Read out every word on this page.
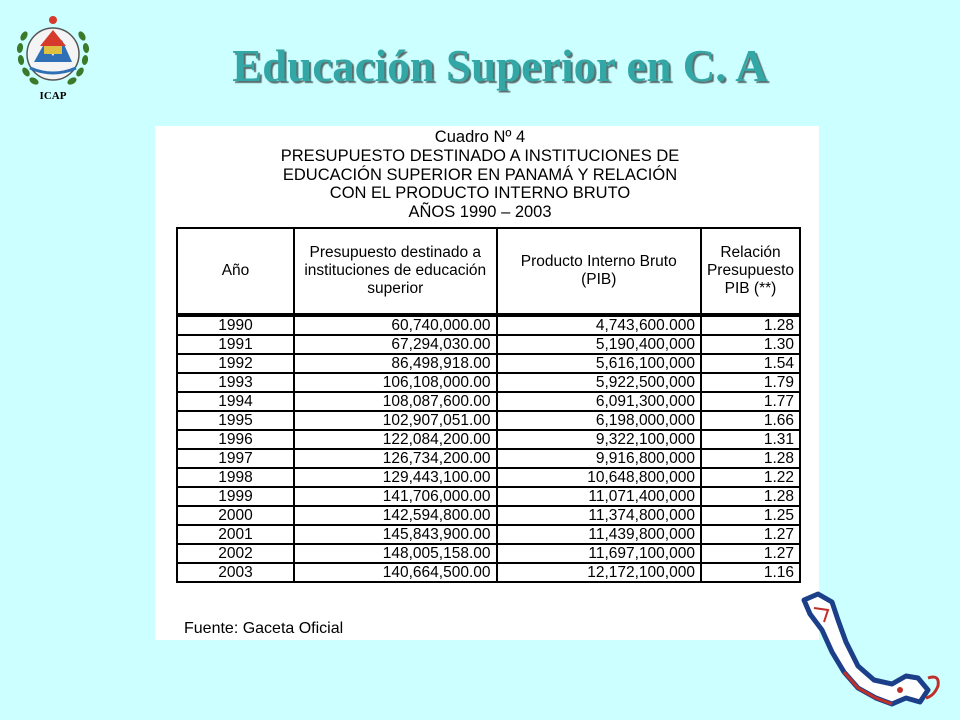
ICAP
Educación Superior en C. A
Cuadro Nº 4
PRESUPUESTO DESTINADO A INSTITUCIONES DE
EDUCACIÓN SUPERIOR EN PANAMÁ Y RELACIÓN
CON EL PRODUCTO INTERNO BRUTO
AÑOS 1990 – 2003
Año	Presupuesto destinado a instituciones de educación superior	Producto Interno Bruto (PIB)	Relación Presupuesto PIB (**)
1990	60,740,000.00	4,743,600.000	1.28
1991	67,294,030.00	5,190,400,000	1.30
1992	86,498,918.00	5,616,100,000	1.54
1993	106,108,000.00	5,922,500,000	1.79
1994	108,087,600.00	6,091,300,000	1.77
1995	102,907,051.00	6,198,000,000	1.66
1996	122,084,200.00	9,322,100,000	1.31
1997	126,734,200.00	9,916,800,000	1.28
1998	129,443,100.00	10,648,800,000	1.22
1999	141,706,000.00	11,071,400,000	1.28
2000	142,594,800.00	11,374,800,000	1.25
2001	145,843,900.00	11,439,800,000	1.27
2002	148,005,158.00	11,697,100,000	1.27
2003	140,664,500.00	12,172,100,000	1.16
Fuente: Gaceta Oficial
